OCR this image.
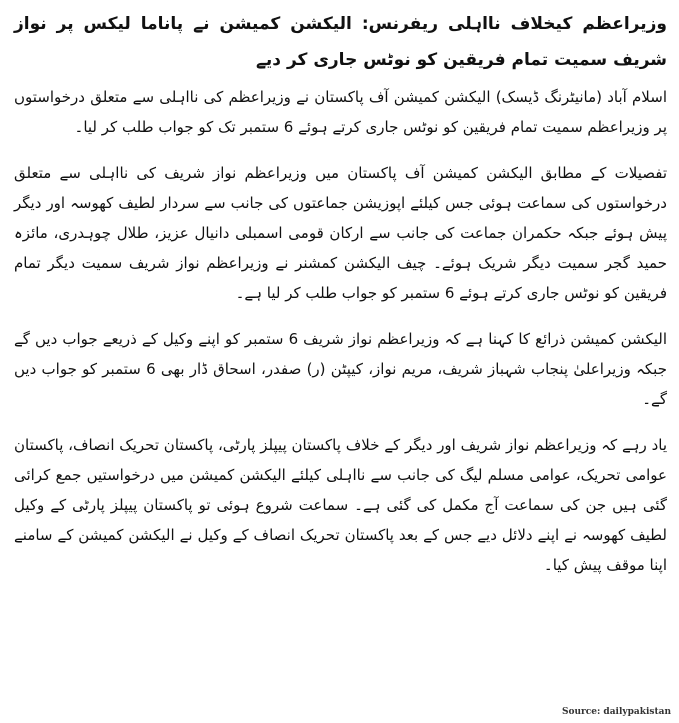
وزیراعظم کیخلاف نااہلی ریفرنس: الیکشن کمیشن نے پاناما لیکس پر نواز شریف سمیت تمام فریقین کو نوٹس جاری کر دیے
اسلام آباد (مانیٹرنگ ڈیسک) الیکشن کمیشن آف پاکستان نے وزیراعظم کی نااہلی سے متعلق درخواستوں پر وزیراعظم سمیت تمام فریقین کو نوٹس جاری کرتے ہوئے 6 ستمبر تک کو جواب طلب کر لیا۔
تفصیلات کے مطابق الیکشن کمیشن آف پاکستان میں وزیراعظم نواز شریف کی نااہلی سے متعلق درخواستوں کی سماعت ہوئی جس کیلئے اپوزیشن جماعتوں کی جانب سے سردار لطیف کھوسہ اور دیگر پیش ہوئے جبکہ حکمران جماعت کی جانب سے ارکان قومی اسمبلی دانیال عزیز، طلال چوہدری، مائزہ حمید گجر سمیت دیگر شریک ہوئے۔ چیف الیکشن کمشنر نے وزیراعظم نواز شریف سمیت دیگر تمام فریقین کو نوٹس جاری کرتے ہوئے 6 ستمبر کو جواب طلب کر لیا ہے۔
الیکشن کمیشن ذرائع کا کہنا ہے کہ وزیراعظم نواز شریف 6 ستمبر کو اپنے وکیل کے ذریعے جواب دیں گے جبکہ وزیراعلیٰ پنجاب شہباز شریف، مریم نواز، کیپٹن (ر) صفدر، اسحاق ڈار بھی 6 ستمبر کو جواب دیں گے۔
یاد رہے کہ وزیراعظم نواز شریف اور دیگر کے خلاف پاکستان پیپلز پارٹی، پاکستان تحریک انصاف، پاکستان عوامی تحریک، عوامی مسلم لیگ کی جانب سے نااہلی کیلئے الیکشن کمیشن میں درخواستیں جمع کرائی گئی ہیں جن کی سماعت آج مکمل کی گئی ہے۔ سماعت شروع ہوئی تو پاکستان پیپلز پارٹی کے وکیل لطیف کھوسہ نے اپنے دلائل دیے جس کے بعد پاکستان تحریک انصاف کے وکیل نے الیکشن کمیشن کے سامنے اپنا موقف پیش کیا۔
Source: dailypakistan
